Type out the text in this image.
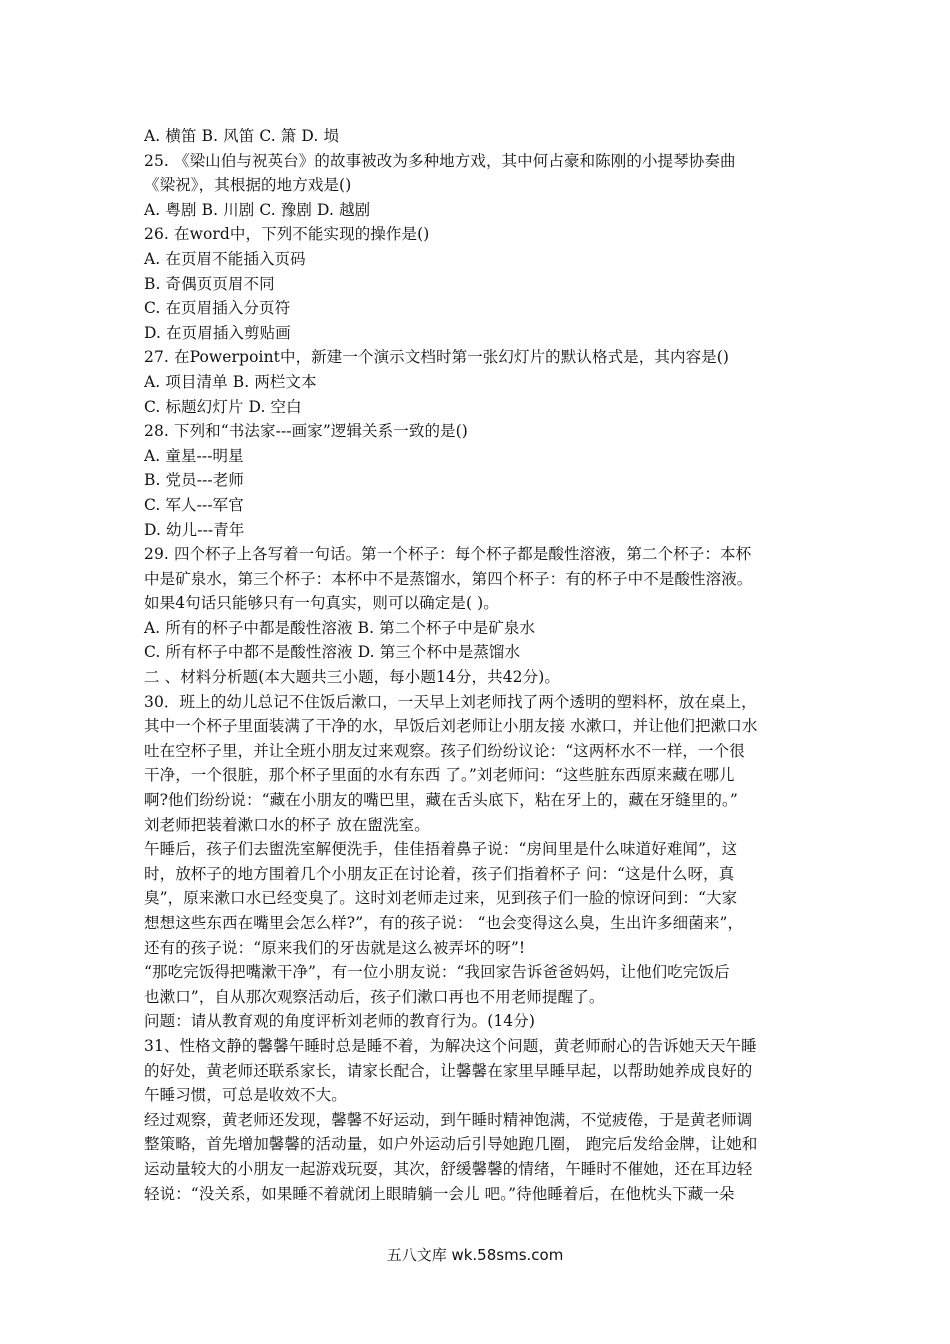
A. 横笛 B. 风笛 C. 箫 D. 埙
25. 《梁山伯与祝英台》的故事被改为多种地方戏，其中何占豪和陈刚的小提琴协奏曲
《梁祝》，其根据的地方戏是()
A. 粤剧 B. 川剧 C. 豫剧 D. 越剧
26. 在word中，下列不能实现的操作是()
A. 在页眉不能插入页码
B. 奇偶页页眉不同
C. 在页眉插入分页符
D. 在页眉插入剪贴画
27. 在Powerpoint中，新建一个演示文档时第一张幻灯片的默认格式是，其内容是()
A. 项目清单 B. 两栏文本
C. 标题幻灯片 D. 空白
28. 下列和“书法家---画家”逻辑关系一致的是()
A. 童星---明星
B. 党员---老师
C. 军人---军官
D. 幼儿---青年
29. 四个杯子上各写着一句话。第一个杯子：每个杯子都是酸性溶液，第二个杯子：本杯
中是矿泉水，第三个杯子：本杯中不是蒸馏水，第四个杯子：有的杯子中不是酸性溶液。
如果4句话只能够只有一句真实，则可以确定是( )。
A. 所有的杯子中都是酸性溶液 B. 第二个杯子中是矿泉水
C. 所有杯子中都不是酸性溶液 D. 第三个杯中是蒸馏水
二 、材料分析题(本大题共三小题，每小题14分，共42分)。
30．班上的幼儿总记不住饭后漱口，一天早上刘老师找了两个透明的塑料杯，放在桌上，
其中一个杯子里面装满了干净的水，早饭后刘老师让小朋友接 水漱口，并让他们把漱口水
吐在空杯子里，并让全班小朋友过来观察。孩子们纷纷议论：“这两杯水不一样，一个很
干净，一个很脏，那个杯子里面的水有东西 了。”刘老师问：“这些脏东西原来藏在哪儿
啊?他们纷纷说：“藏在小朋友的嘴巴里，藏在舌头底下，粘在牙上的，藏在牙缝里的。”
刘老师把装着漱口水的杯子 放在盥洗室。
午睡后，孩子们去盥洗室解便洗手，佳佳捂着鼻子说：“房间里是什么味道好难闻”，这
时，放杯子的地方围着几个小朋友正在讨论着，孩子们指着杯子 问：“这是什么呀，真
臭”，原来漱口水已经变臭了。这时刘老师走过来，见到孩子们一脸的惊讶问到：“大家
想想这些东西在嘴里会怎么样?”，有的孩子说： “也会变得这么臭，生出许多细菌来”，
还有的孩子说：“原来我们的牙齿就是这么被弄坏的呀”!
“那吃完饭得把嘴漱干净”，有一位小朋友说：“我回家告诉爸爸妈妈，让他们吃完饭后
也漱口”，自从那次观察活动后，孩子们漱口再也不用老师提醒了。
问题：请从教育观的角度评析刘老师的教育行为。(14分)
31、性格文静的馨馨午睡时总是睡不着，为解决这个问题，黄老师耐心的告诉她天天午睡
的好处，黄老师还联系家长，请家长配合，让馨馨在家里早睡早起，以帮助她养成良好的
午睡习惯，可总是收效不大。
经过观察，黄老师还发现，馨馨不好运动，到午睡时精神饱满，不觉疲倦，于是黄老师调
整策略，首先增加馨馨的活动量，如户外运动后引导她跑几圈， 跑完后发给金牌，让她和
运动量较大的小朋友一起游戏玩耍，其次，舒缓馨馨的情绪，午睡时不催她，还在耳边轻
轻说：“没关系，如果睡不着就闭上眼睛躺一会儿 吧。”待他睡着后，在他枕头下藏一朵
五八文库 wk.58sms.com
